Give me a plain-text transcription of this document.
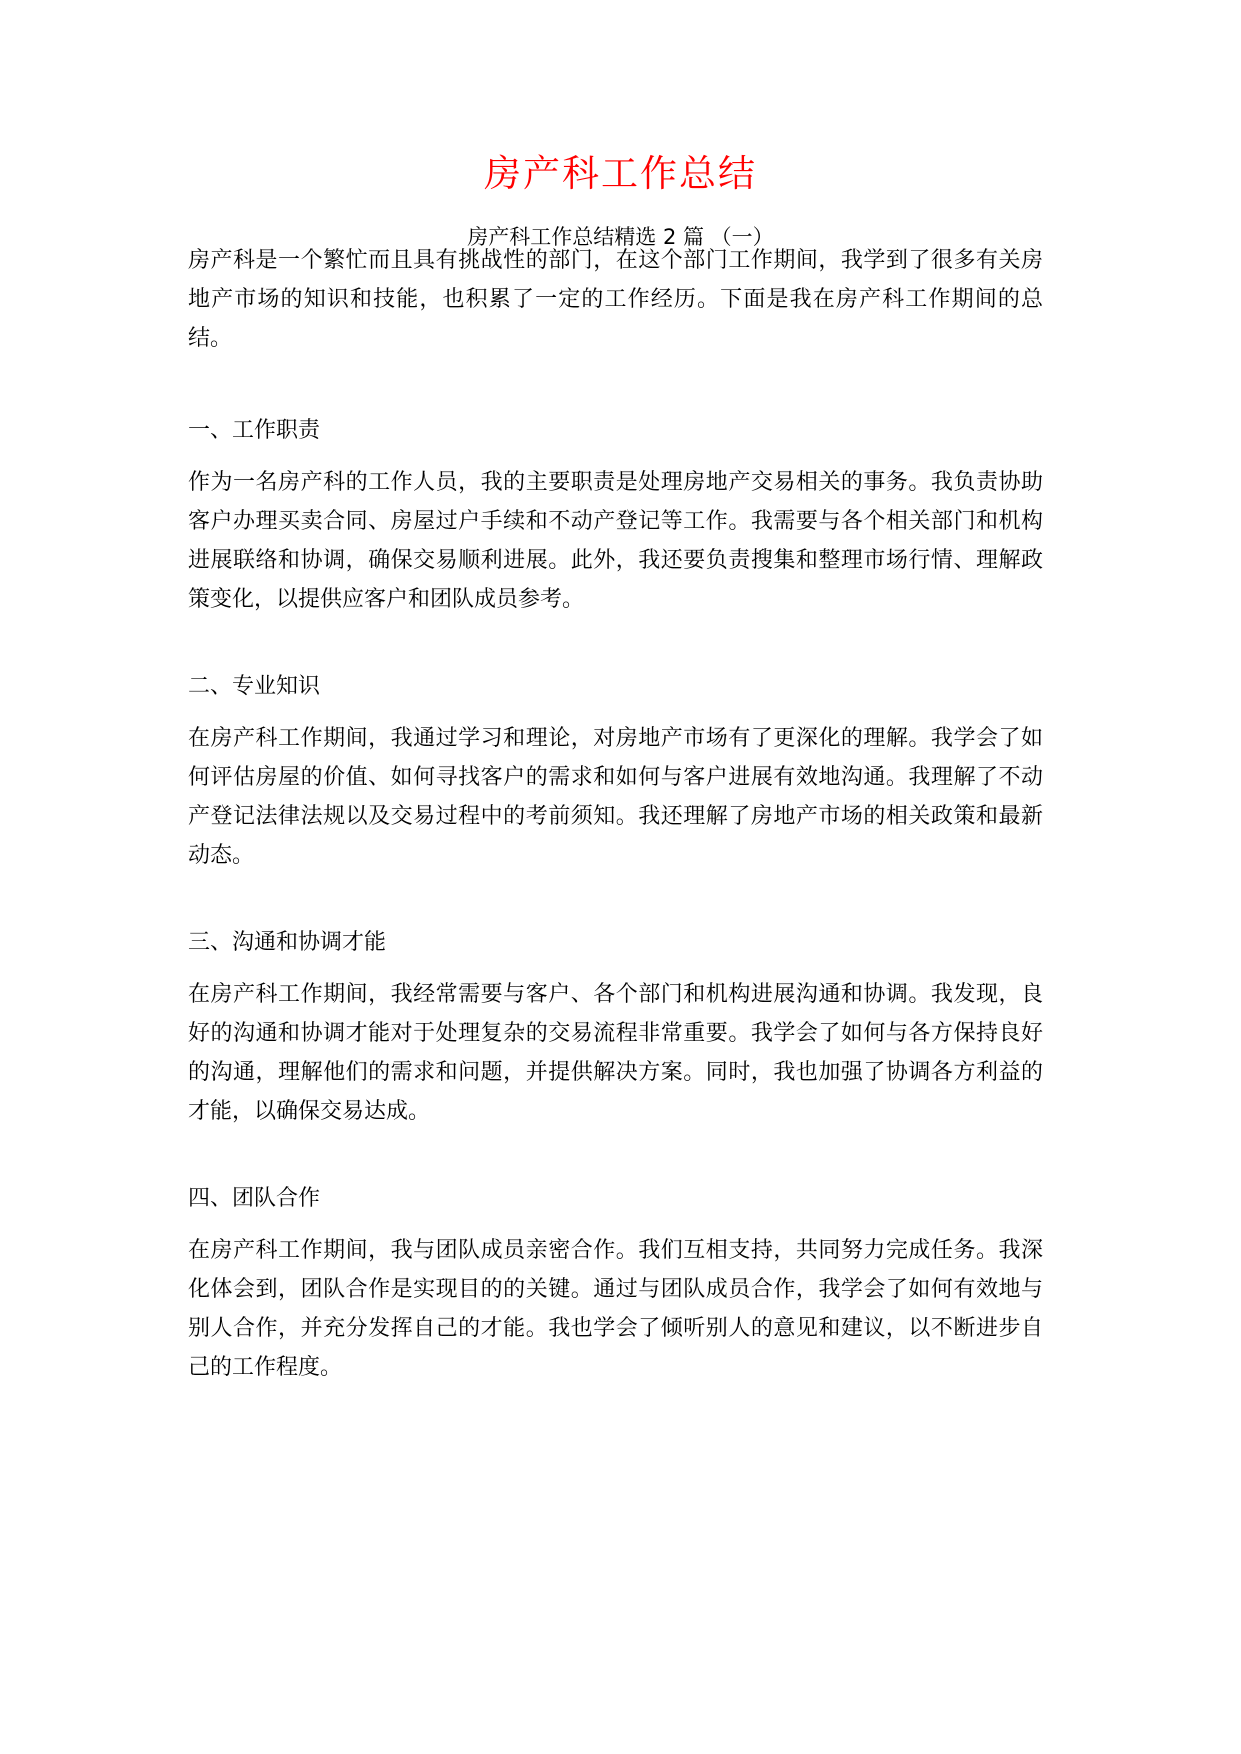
房产科工作总结
房产科工作总结精选 2 篇 （一）

房产科是一个繁忙而且具有挑战性的部门，在这个部门工作期间，我学到了很多有关房地产市场的知识和技能，也积累了一定的工作经历。下面是我在房产科工作期间的总结。

一、工作职责

作为一名房产科的工作人员，我的主要职责是处理房地产交易相关的事务。我负责协助客户办理买卖合同、房屋过户手续和不动产登记等工作。我需要与各个相关部门和机构进展联络和协调，确保交易顺利进展。此外，我还要负责搜集和整理市场行情、理解政策变化，以提供应客户和团队成员参考。

二、专业知识

在房产科工作期间，我通过学习和理论，对房地产市场有了更深化的理解。我学会了如何评估房屋的价值、如何寻找客户的需求和如何与客户进展有效地沟通。我理解了不动产登记法律法规以及交易过程中的考前须知。我还理解了房地产市场的相关政策和最新动态。

三、沟通和协调才能

在房产科工作期间，我经常需要与客户、各个部门和机构进展沟通和协调。我发现，良好的沟通和协调才能对于处理复杂的交易流程非常重要。我学会了如何与各方保持良好的沟通，理解他们的需求和问题，并提供解决方案。同时，我也加强了协调各方利益的才能，以确保交易达成。

四、团队合作

在房产科工作期间，我与团队成员亲密合作。我们互相支持，共同努力完成任务。我深化体会到，团队合作是实现目的的关键。通过与团队成员合作，我学会了如何有效地与别人合作，并充分发挥自己的才能。我也学会了倾听别人的意见和建议，以不断进步自己的工作程度。
